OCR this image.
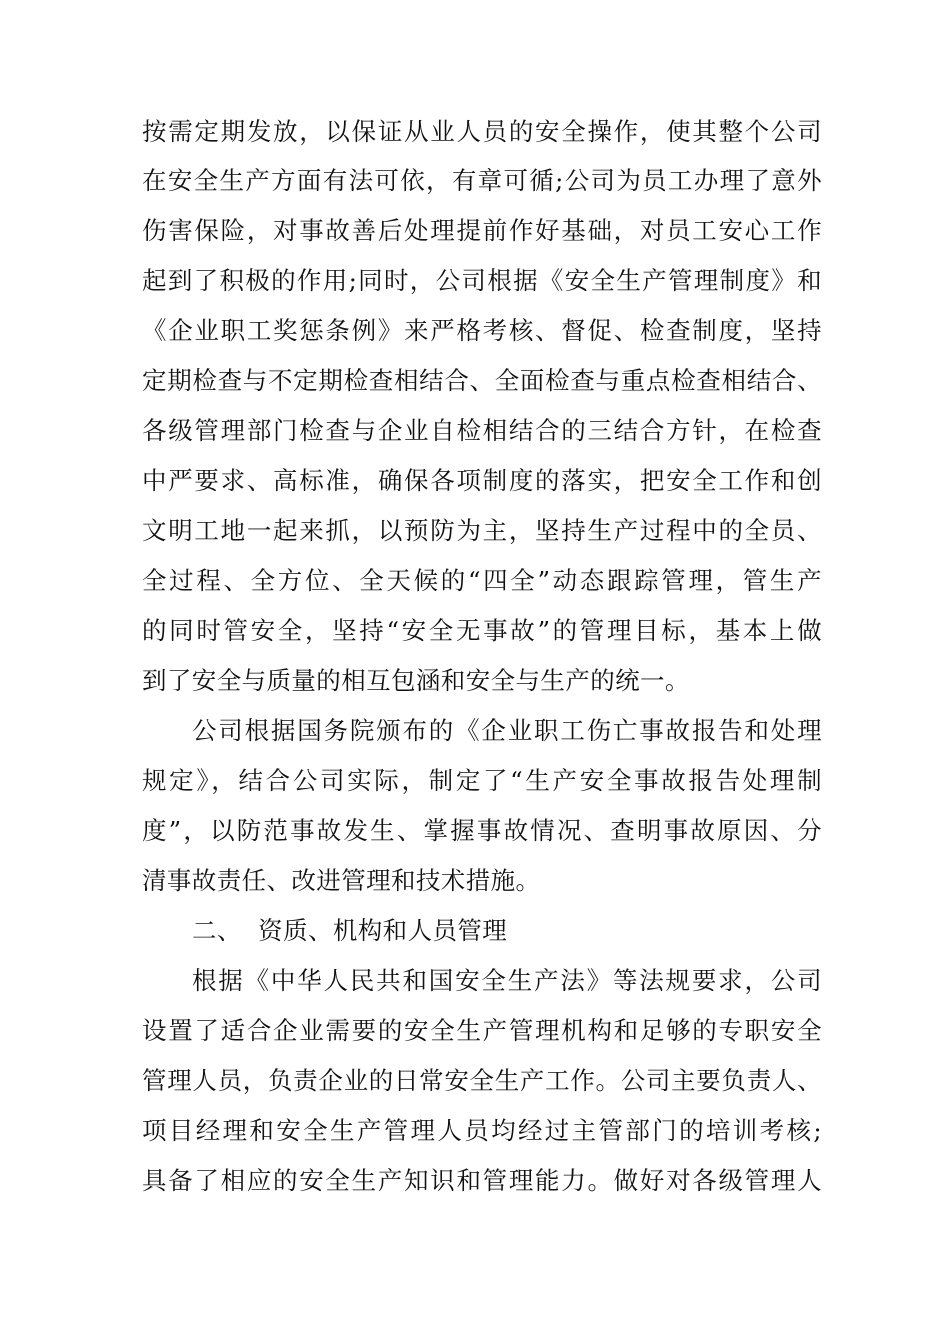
按需定期发放，以保证从业人员的安全操作，使其整个公司
在安全生产方面有法可依，有章可循;公司为员工办理了意外
伤害保险，对事故善后处理提前作好基础，对员工安心工作
起到了积极的作用;同时，公司根据《安全生产管理制度》和
《企业职工奖惩条例》来严格考核、督促、检查制度，坚持
定期检查与不定期检查相结合、全面检查与重点检查相结合、
各级管理部门检查与企业自检相结合的三结合方针，在检查
中严要求、高标准，确保各项制度的落实，把安全工作和创
文明工地一起来抓，以预防为主，坚持生产过程中的全员、
全过程、全方位、全天候的“四全”动态跟踪管理，管生产
的同时管安全，坚持“安全无事故”的管理目标，基本上做
到了安全与质量的相互包涵和安全与生产的统一。
公司根据国务院颁布的《企业职工伤亡事故报告和处理
规定》，结合公司实际，制定了“生产安全事故报告处理制
度”，以防范事故发生、掌握事故情况、查明事故原因、分
清事故责任、改进管理和技术措施。
二、  资质、机构和人员管理
根据《中华人民共和国安全生产法》等法规要求，公司
设置了适合企业需要的安全生产管理机构和足够的专职安全
管理人员，负责企业的日常安全生产工作。公司主要负责人、
项目经理和安全生产管理人员均经过主管部门的培训考核;
具备了相应的安全生产知识和管理能力。做好对各级管理人
